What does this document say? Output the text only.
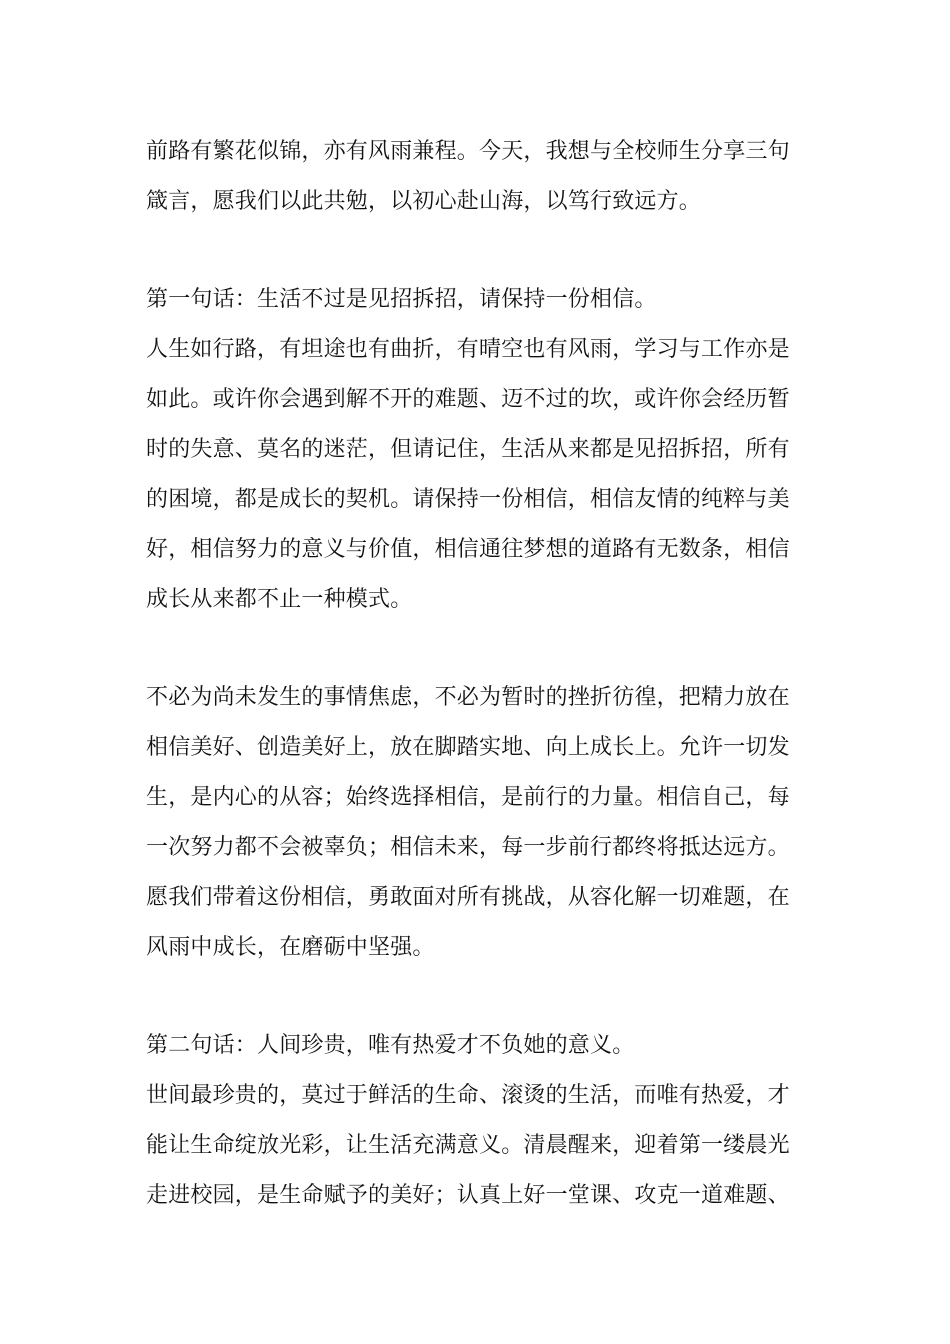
前路有繁花似锦，亦有风雨兼程。今天，我想与全校师生分享三句
箴言，愿我们以此共勉，以初心赴山海，以笃行致远方。
第一句话：生活不过是见招拆招，请保持一份相信。
人生如行路，有坦途也有曲折，有晴空也有风雨，学习与工作亦是
如此。或许你会遇到解不开的难题、迈不过的坎，或许你会经历暂
时的失意、莫名的迷茫，但请记住，生活从来都是见招拆招，所有
的困境，都是成长的契机。请保持一份相信，相信友情的纯粹与美
好，相信努力的意义与价值，相信通往梦想的道路有无数条，相信
成长从来都不止一种模式。
不必为尚未发生的事情焦虑，不必为暂时的挫折彷徨，把精力放在
相信美好、创造美好上，放在脚踏实地、向上成长上。允许一切发
生，是内心的从容；始终选择相信，是前行的力量。相信自己，每
一次努力都不会被辜负；相信未来，每一步前行都终将抵达远方。
愿我们带着这份相信，勇敢面对所有挑战，从容化解一切难题，在
风雨中成长，在磨砺中坚强。
第二句话：人间珍贵，唯有热爱才不负她的意义。
世间最珍贵的，莫过于鲜活的生命、滚烫的生活，而唯有热爱，才
能让生命绽放光彩，让生活充满意义。清晨醒来，迎着第一缕晨光
走进校园，是生命赋予的美好；认真上好一堂课、攻克一道难题、
